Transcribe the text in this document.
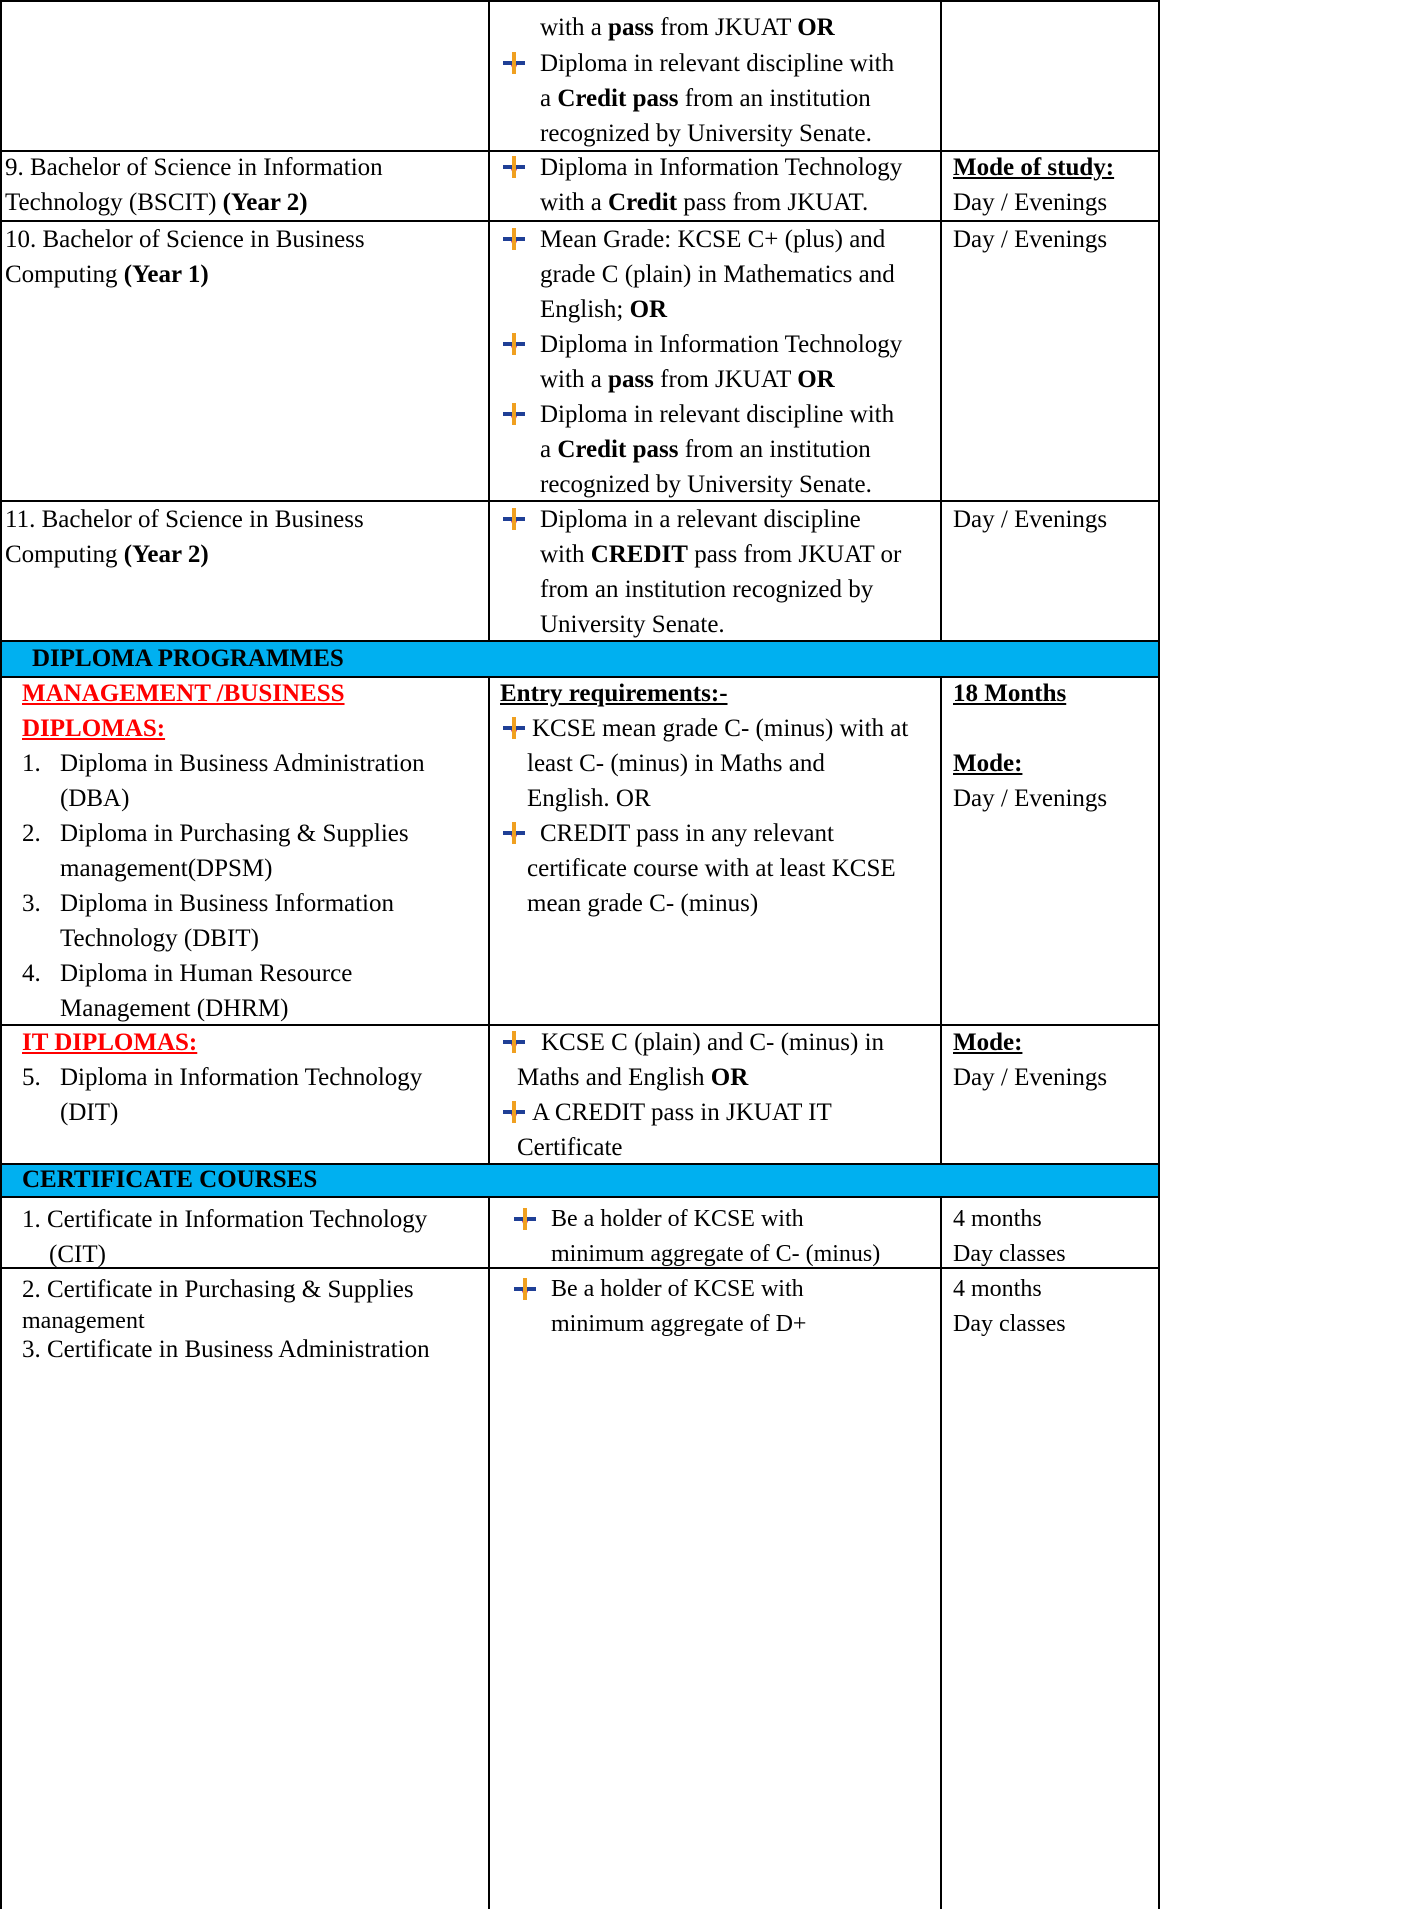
with a pass from JKUAT OR

Diploma in relevant discipline with

a Credit pass from an institution

recognized by University Senate.

9. Bachelor of Science in Information

Technology (BSCIT) (Year 2)

Diploma in Information Technology

with a Credit pass from JKUAT.

Mode of study:

Day / Evenings

10. Bachelor of Science in Business

Computing (Year 1)

Mean Grade: KCSE C+ (plus) and

grade C (plain) in Mathematics and

English; OR

Diploma in Information Technology

with a pass from JKUAT OR

Diploma in relevant discipline with

a Credit pass from an institution

recognized by University Senate.

Day / Evenings

11. Bachelor of Science in Business

Computing (Year 2)

Diploma in a relevant discipline

with CREDIT pass from JKUAT or

from an institution recognized by

University Senate.

Day / Evenings

DIPLOMA PROGRAMMES

MANAGEMENT /BUSINESS

DIPLOMAS:

1. Diploma in Business Administration

(DBA)

2. Diploma in Purchasing & Supplies

management(DPSM)

3. Diploma in Business Information

Technology (DBIT)

4. Diploma in Human Resource

Management (DHRM)

Entry requirements:-

KCSE mean grade C- (minus) with at

least C- (minus) in Maths and

English. OR

CREDIT pass in any relevant

certificate course with at least KCSE

mean grade C- (minus)

18 Months

Mode:

Day / Evenings

IT DIPLOMAS:

5. Diploma in Information Technology

(DIT)

KCSE C (plain) and C- (minus) in

Maths and English OR

A CREDIT pass in JKUAT IT

Certificate

Mode:

Day / Evenings

CERTIFICATE COURSES

1. Certificate in Information Technology

(CIT)

Be a holder of KCSE with

minimum aggregate of C- (minus)

4 months

Day classes

2. Certificate in Purchasing & Supplies

management

3. Certificate in Business Administration

Be a holder of KCSE with

minimum aggregate of D+

4 months

Day classes
